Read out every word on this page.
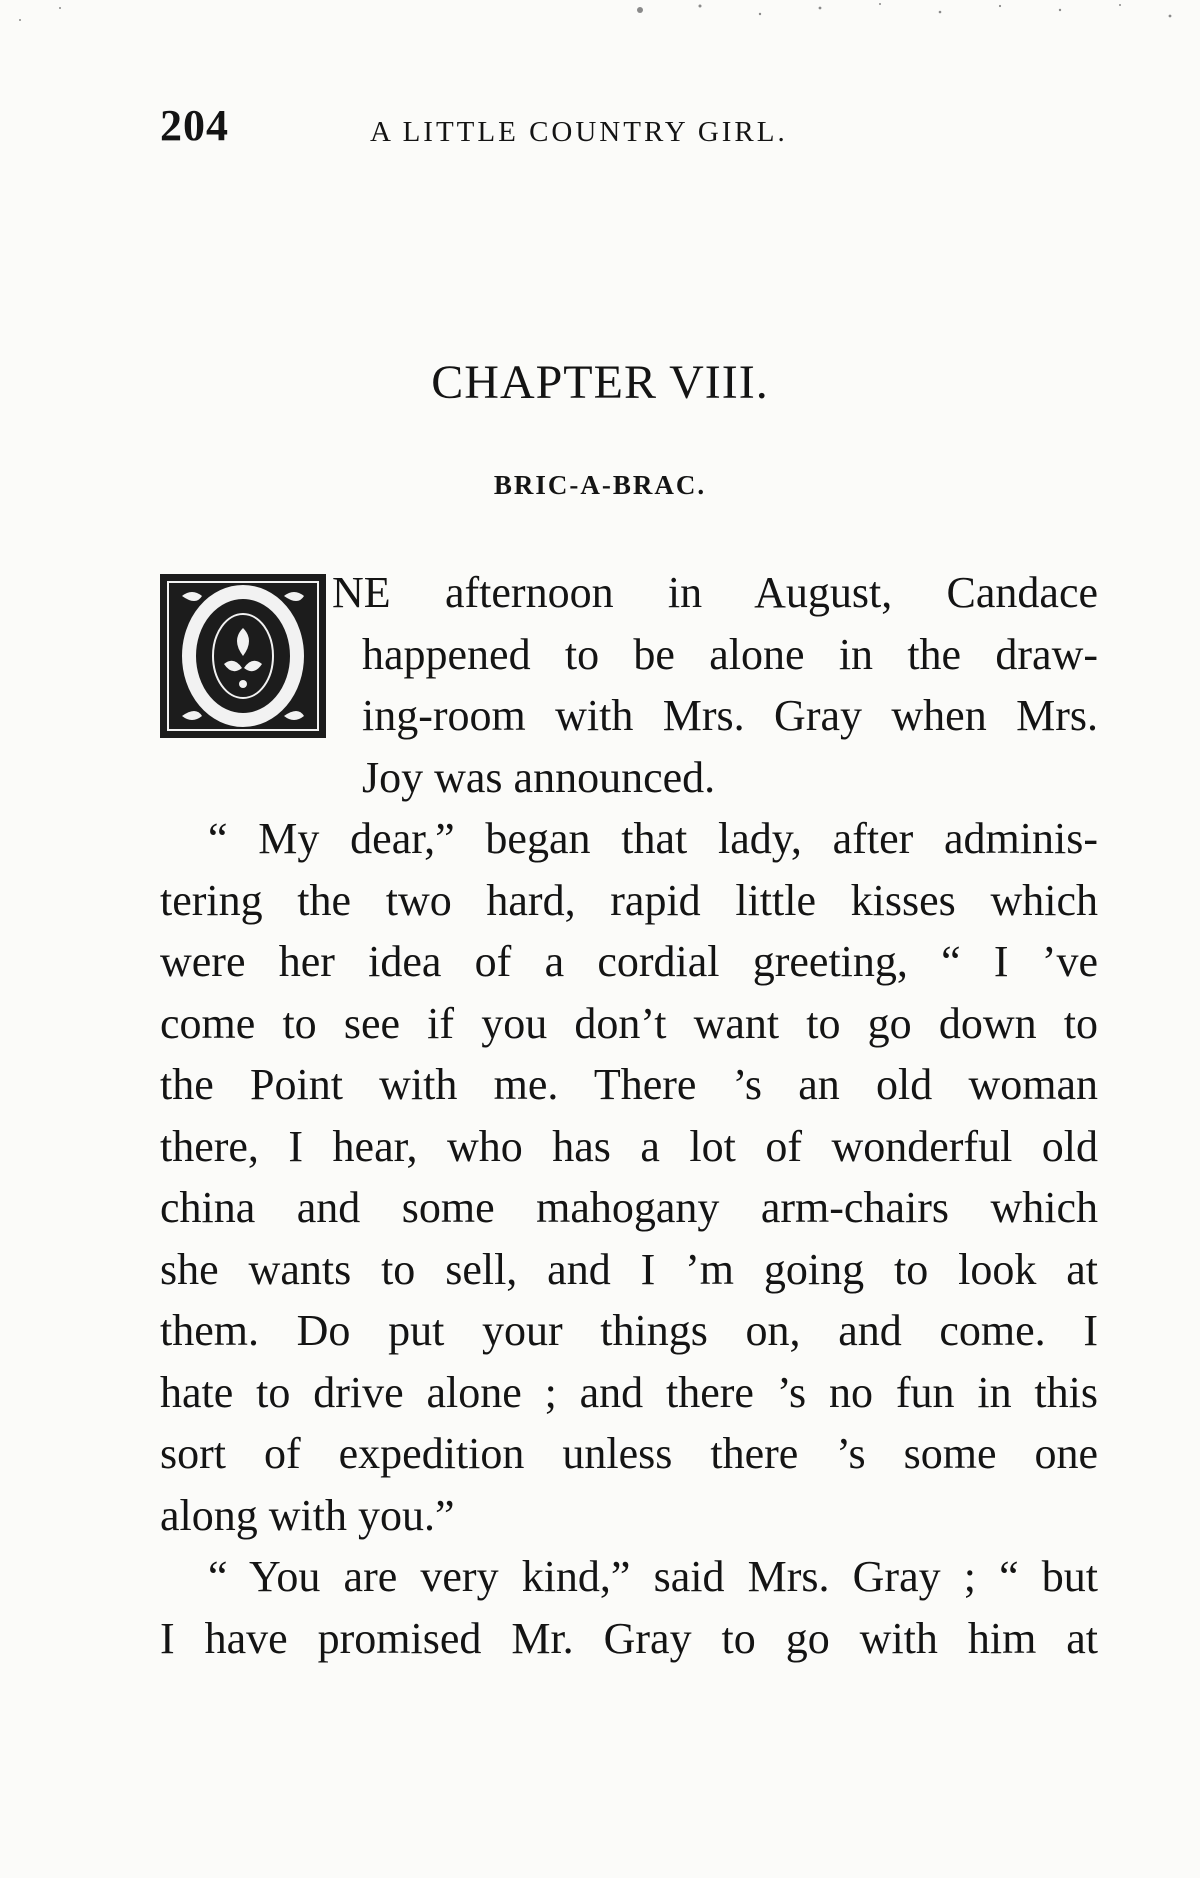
204	A LITTLE COUNTRY GIRL.
CHAPTER VIII.
BRIC-A-BRAC.
O
NE afternoon in August, Candace
happened to be alone in the draw-
ing-room with Mrs. Gray when Mrs.
Joy was announced.
“ My dear,” began that lady, after adminis-
tering the two hard, rapid little kisses which
were her idea of a cordial greeting, “ I ’ve
come to see if you don’t want to go down to
the Point with me. There ’s an old woman
there, I hear, who has a lot of wonderful old
china and some mahogany arm-chairs which
she wants to sell, and I ’m going to look at
them. Do put your things on, and come. I
hate to drive alone ; and there ’s no fun in this
sort of expedition unless there ’s some one
along with you.”
“ You are very kind,” said Mrs. Gray ; “ but
I have promised Mr. Gray to go with him at
